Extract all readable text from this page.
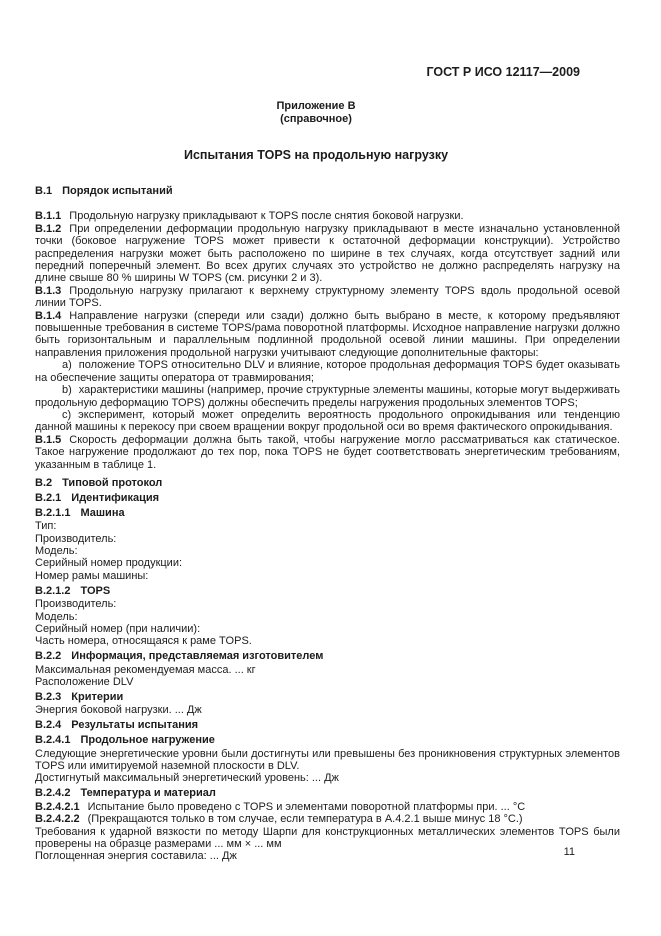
ГОСТ Р ИСО 12117—2009
Приложение В
(справочное)
Испытания TOPS на продольную нагрузку
В.1 Порядок испытаний
В.1.1 Продольную нагрузку прикладывают к TOPS после снятия боковой нагрузки.
В.1.2 При определении деформации продольную нагрузку прикладывают в месте изначально установленной точки (боковое нагружение TOPS может привести к остаточной деформации конструкции). Устройство распределения нагрузки может быть расположено по ширине в тех случаях, когда отсутствует задний или передний поперечный элемент. Во всех других случаях это устройство не должно распределять нагрузку на длине свыше 80 % ширины W TOPS (см. рисунки 2 и 3).
В.1.3 Продольную нагрузку прилагают к верхнему структурному элементу TOPS вдоль продольной осевой линии TOPS.
В.1.4 Направление нагрузки (спереди или сзади) должно быть выбрано в месте, к которому предъявляют повышенные требования в системе TOPS/рама поворотной платформы. Исходное направление нагрузки должно быть горизонтальным и параллельным подлинной продольной осевой линии машины. При определении направления приложения продольной нагрузки учитывают следующие дополнительные факторы:
a) положение TOPS относительно DLV и влияние, которое продольная деформация TOPS будет оказывать на обеспечение защиты оператора от травмирования;
b) характеристики машины (например, прочие структурные элементы машины, которые могут выдерживать продольную деформацию TOPS) должны обеспечить пределы нагружения продольных элементов TOPS;
c) эксперимент, который может определить вероятность продольного опрокидывания или тенденцию данной машины к перекосу при своем вращении вокруг продольной оси во время фактического опрокидывания.
В.1.5 Скорость деформации должна быть такой, чтобы нагружение могло рассматриваться как статическое. Такое нагружение продолжают до тех пор, пока TOPS не будет соответствовать энергетическим требованиям, указанным в таблице 1.
В.2 Типовой протокол
В.2.1 Идентификация
В.2.1.1 Машина
Тип:
Производитель:
Модель:
Серийный номер продукции:
Номер рамы машины:
В.2.1.2 TOPS
Производитель:
Модель:
Серийный номер (при наличии):
Часть номера, относящаяся к раме TOPS.
В.2.2 Информация, представляемая изготовителем
Максимальная рекомендуемая масса. ... кг
Расположение DLV
В.2.3 Критерии
Энергия боковой нагрузки. ... Дж
В.2.4 Результаты испытания
В.2.4.1 Продольное нагружение
Следующие энергетические уровни были достигнуты или превышены без проникновения структурных элементов TOPS или имитируемой наземной плоскости в DLV.
Достигнутый максимальный энергетический уровень: ... Дж
В.2.4.2 Температура и материал
В.2.4.2.1 Испытание было проведено с TOPS и элементами поворотной платформы при. ... °С
В.2.4.2.2 (Прекращаются только в том случае, если температура в А.4.2.1 выше минус 18 °С.)
Требования к ударной вязкости по методу Шарпи для конструкционных металлических элементов TOPS были проверены на образце размерами ... мм × ... мм
Поглощенная энергия составила: ... Дж	11
